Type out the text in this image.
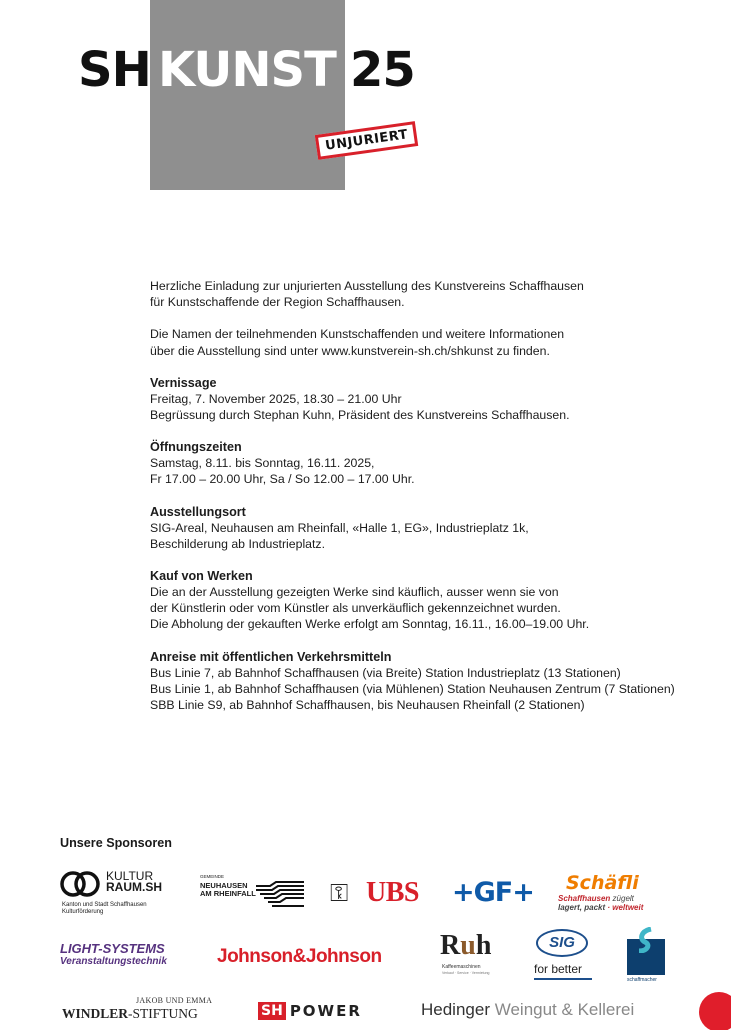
SH KUNST 25
UNJURIERT

Herzliche Einladung zur unjurierten Ausstellung des Kunstvereins Schaffhausen

für Kunstschaffende der Region Schaffhausen.

Die Namen der teilnehmenden Kunstschaffenden und weitere Informationen

über die Ausstellung sind unter www.kunstverein-sh.ch/shkunst zu finden.

Vernissage

Freitag, 7. November 2025, 18.30 – 21.00 Uhr

Begrüssung durch Stephan Kuhn, Präsident des Kunstvereins Schaffhausen.

Öffnungszeiten

Samstag, 8.11. bis Sonntag, 16.11. 2025,

Fr 17.00 – 20.00 Uhr, Sa / So 12.00 – 17.00 Uhr.

Ausstellungsort

SIG-Areal, Neuhausen am Rheinfall, «Halle 1, EG», Industrieplatz 1k,

Beschilderung ab Industrieplatz.

Kauf von Werken

Die an der Ausstellung gezeigten Werke sind käuflich, ausser wenn sie von

der Künstlerin oder vom Künstler als unverkäuflich gekennzeichnet wurden.

Die Abholung der gekauften Werke erfolgt am Sonntag, 16.11., 16.00–19.00 Uhr.

Anreise mit öffentlichen Verkehrsmitteln

Bus Linie 7, ab Bahnhof Schaffhausen (via Breite) Station Industrieplatz (13 Stationen)

Bus Linie 1, ab Bahnhof Schaffhausen (via Mühlenen) Station Neuhausen Zentrum (7 Stationen)

SBB Linie S9, ab Bahnhof Schaffhausen, bis Neuhausen Rheinfall (2 Stationen)

Unsere Sponsoren
KULTUR
RAUM.SH
Kanton und Stadt Schaffhausen
Kulturförderung
GEMEINDE
NEUHAUSEN
AM RHEINFALL	⚿ UBS +GF+ Schäfli
Schaffhausen zügelt
lagert, packt · weltweit
LIGHT-SYSTEMS
Veranstaltungstechnik	Johnson&Johnson Ruh
Kaffeemaschinen
Verkauf · Service · Vermietung
SIG
for better
schaffmacher
JAKOB UND EMMA
WINDLER-STIFTUNG	SH POWER	Hedinger Weingut & Kellerei
